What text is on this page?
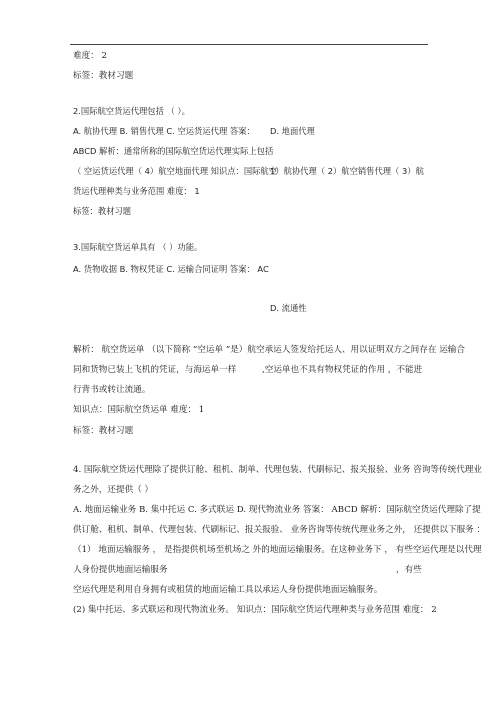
难度： 2
标签：教材习题
2.国际航空货运代理包括 （ ）。
A. 航协代理 B. 销售代理 C. 空运货运代理 答案： D. 地面代理
ABCD 解析：通常所称的国际航空货运代理实际上包括
（ 空运货运代理（ 4）航空地面代理 知识点：国际航空
1）航协代理（ 2）航空销售代理（ 3）航
货运代理种类与业务范围 难度： 1
标签：教材习题
3.国际航空货运单具有 （ ）功能。
A. 货物收据 B. 物权凭证 C. 运输合同证明 答案： AC
D. 流通性
解析： 航空货运单 （以下简称 “空运单 ”是）航空承运人签发给托运人、用以证明双方之间存在 运输合
同和货物已装上飞机的凭证，与海运单一样	,空运单也不具有物权凭证的作用 ，不能进
行背书或转让流通。
知识点：国际航空货运单 难度： 1
标签：教材习题
4. 国际航空货运代理除了提供订舱、租机、制单、代理包装、代刷标记、报关报验、业务 咨询等传统代理业
务之外，还提供（ ）
A. 地面运输业务 B. 集中托运 C. 多式联运 D. 现代物流业务 答案： ABCD 解析：国际航空货运代理除了提
供订舱、租机、制单、代理包装、代刷标记、报关报验、 业务咨询等传统代理业务之外， 还提供以下服务 ：
（1） 地面运输服务 ， 是指提供机场至机场之 外的地面运输服务。在这种业务下 ， 有些空运代理是以代理
人身份提供地面运输服务	，有些
空运代理是利用自身拥有或租赁的地面运输工具以承运人身份提供地面运输服务。
(2) 集中托运、多式联运和现代物流业务。 知识点：国际航空货运代理种类与业务范围 难度： 2
